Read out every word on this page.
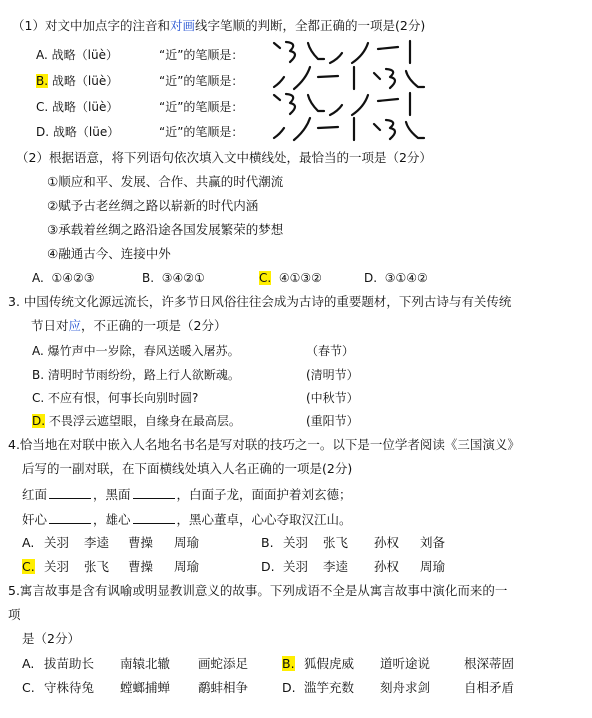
（1）对文中加点字的注音和对画线字笔顺的判断，全都正确的一项是(2分)
A. 战略（lüè）	“近”的笔顺是：
B. 战略（lüè）	“近”的笔顺是：
C. 战略（lüè）	“近”的笔顺是：
D. 战略（lüe）	“近”的笔顺是：
（2）根据语意，将下列语句依次填入文中横线处，最恰当的一项是（2分）
①顺应和平、发展、合作、共赢的时代潮流
②赋予古老丝绸之路以崭新的时代内涵
③承载着丝绸之路沿途各国发展繁荣的梦想
④融通古今、连接中外
A. ①④②③	B. ③④②①	C. ④①③②	D. ③①④②
3. 中国传统文化源远流长，许多节日风俗往往会成为古诗的重要题材，下列古诗与有关传统
节日对应，不正确的一项是（2分）
A. 爆竹声中一岁除，春风送暖入屠苏。	（春节）
B. 清明时节雨纷纷，路上行人欲断魂。	(清明节）
C. 不应有恨，何事长向别时圆?	(中秋节）
D. 不畏浮云遮望眼，自缘身在最高层。	(重阳节）
4.恰当地在对联中嵌入人名地名书名是写对联的技巧之一。以下是一位学者阅读《三国演义》
后写的一副对联，在下面横线处填入人名正确的一项是(2分)
红面	，黑面	，白面子龙，面面护着刘玄德；
奸心	，雄心	，黑心董卓，心心夺取汉江山。
A. 关羽 李逵 曹操 周瑜	B. 关羽 张飞 孙权 刘备
C. 关羽 张飞 曹操 周瑜	D. 关羽 李逵 孙权 周瑜
5.寓言故事是含有讽喻或明显教训意义的故事。下列成语不全是从寓言故事中演化而来的一
项
是（2分）
A. 拔苗助长 南辕北辙 画蛇添足	B. 狐假虎威 道听途说	根深蒂固
C. 守株待兔 螳螂捕蝉 鹬蚌相争	D. 滥竽充数 刻舟求剑	自相矛盾
